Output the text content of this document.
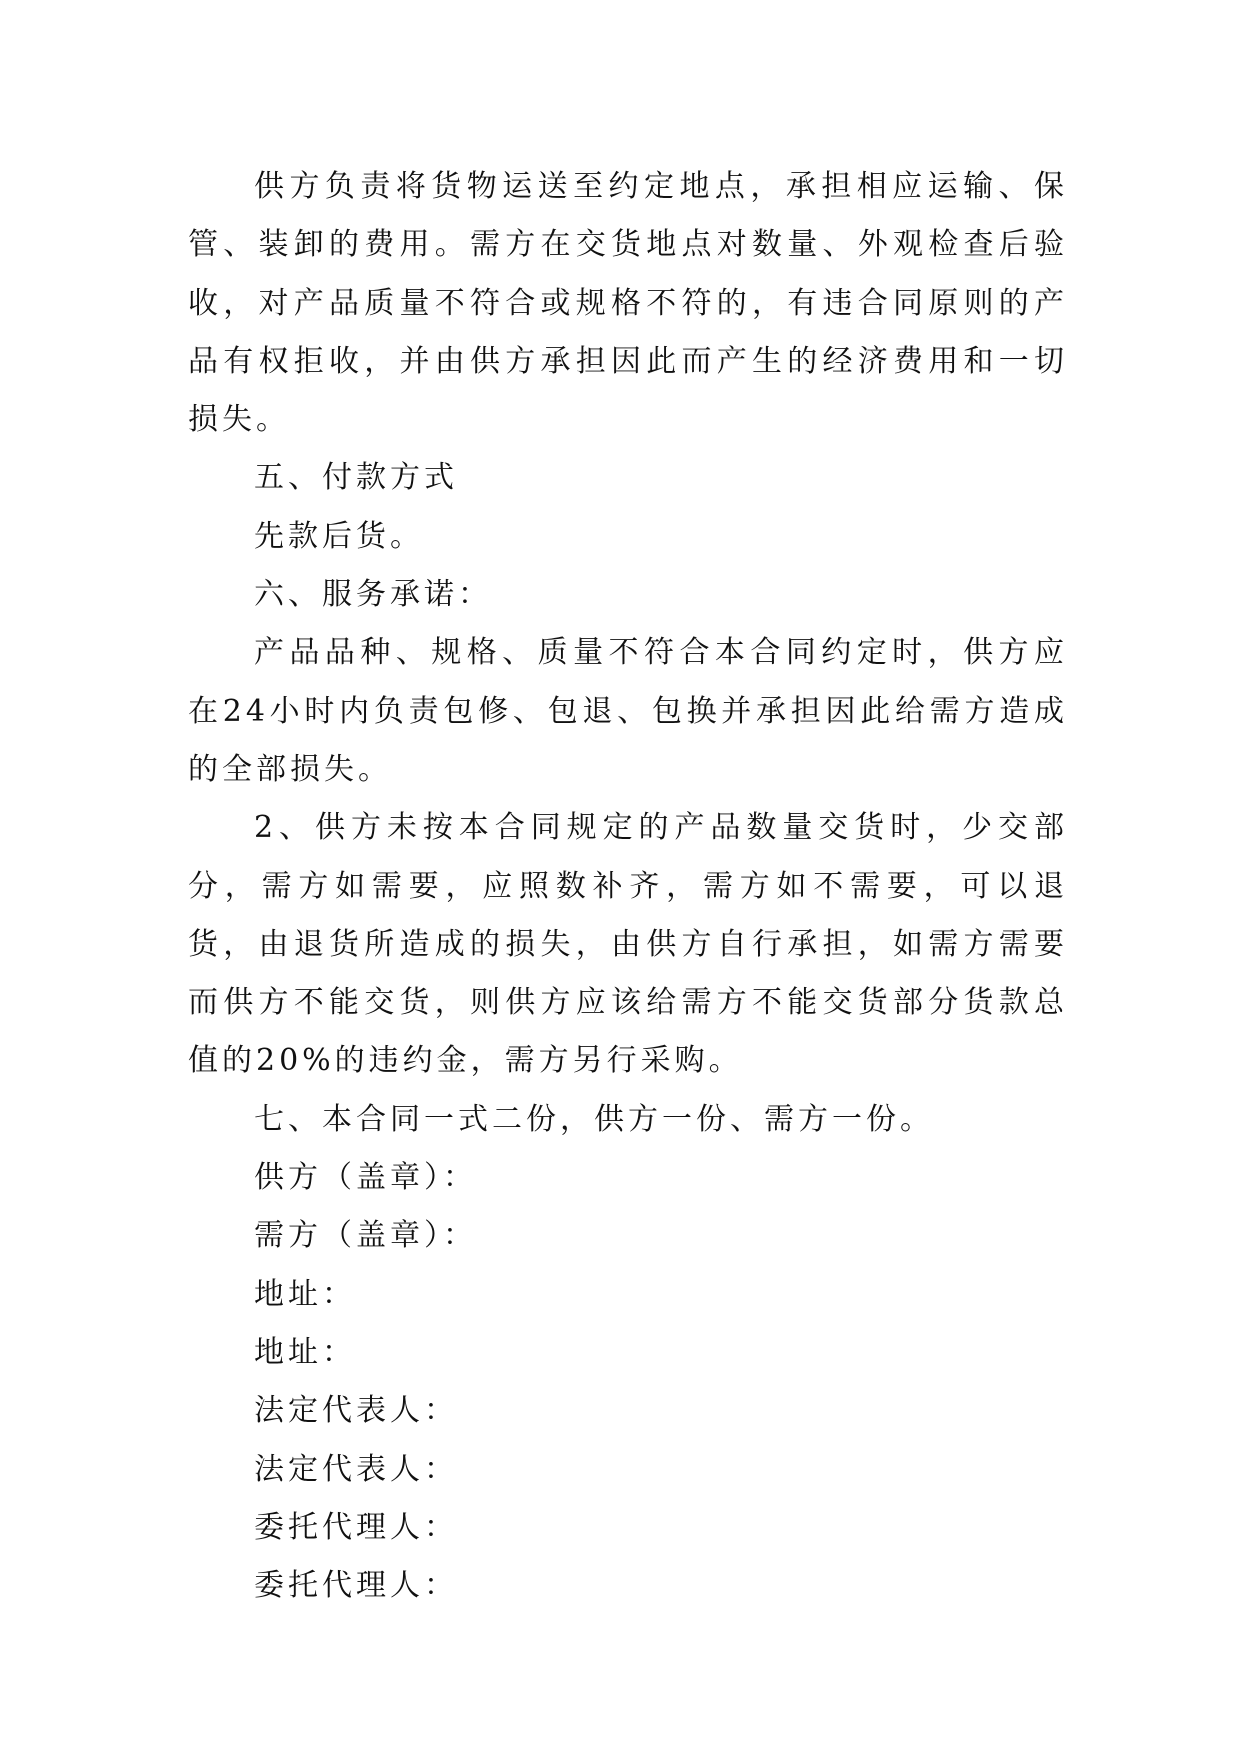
供方负责将货物运送至约定地点，承担相应运输、保管、装卸的费用。需方在交货地点对数量、外观检查后验收，对产品质量不符合或规格不符的，有违合同原则的产品有权拒收，并由供方承担因此而产生的经济费用和一切损失。

五、付款方式

先款后货。

六、服务承诺：

产品品种、规格、质量不符合本合同约定时，供方应在24小时内负责包修、包退、包换并承担因此给需方造成的全部损失。

2、供方未按本合同规定的产品数量交货时，少交部分，需方如需要，应照数补齐，需方如不需要，可以退货，由退货所造成的损失，由供方自行承担，如需方需要而供方不能交货，则供方应该给需方不能交货部分货款总值的20%的违约金，需方另行采购。

七、本合同一式二份，供方一份、需方一份。

供方（盖章）：

需方（盖章）：

地址：

地址：

法定代表人：

法定代表人：

委托代理人：

委托代理人：
